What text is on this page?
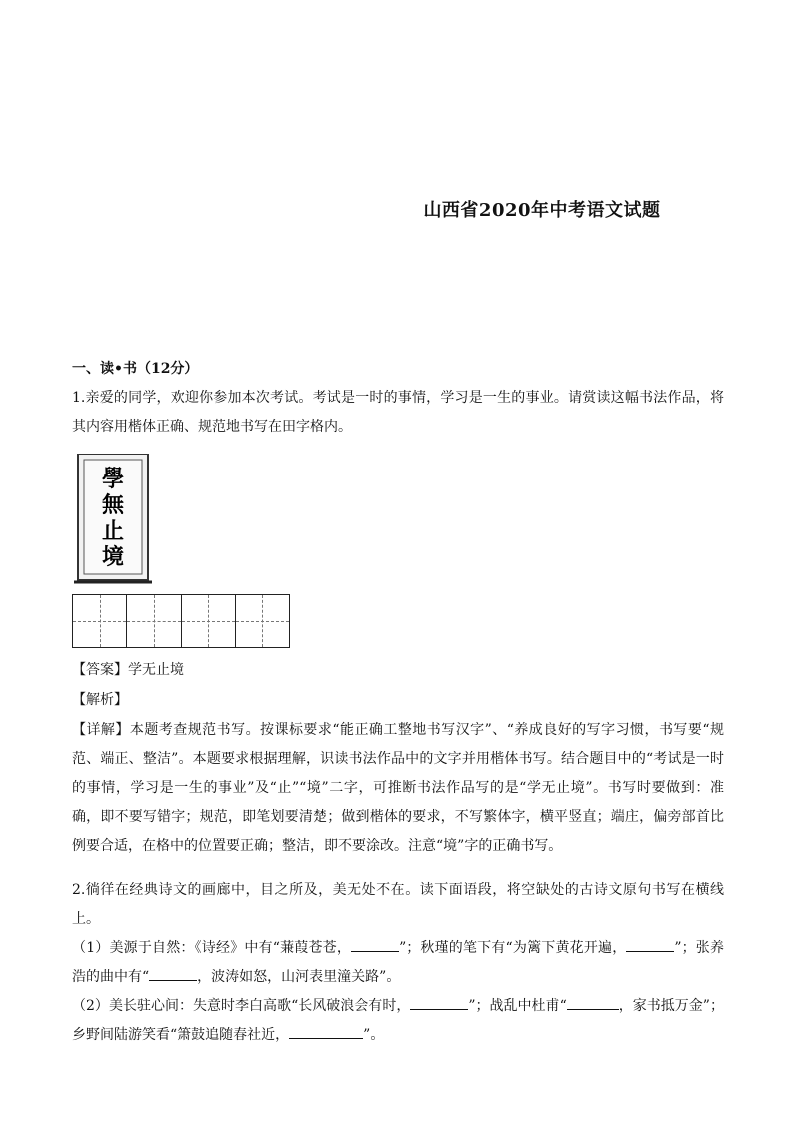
山西省2020年中考语文试题
一、读•书（12分）
1.亲爱的同学，欢迎你参加本次考试。考试是一时的事情，学习是一生的事业。请赏读这幅书法作品，将其内容用楷体正确、规范地书写在田字格内。
學
無
止
境
【答案】学无止境
【解析】
【详解】本题考查规范书写。按课标要求“能正确工整地书写汉字”、“养成良好的写字习惯，书写要“规范、端正、整洁”。本题要求根据理解，识读书法作品中的文字并用楷体书写。结合题目中的“考试是一时的事情，学习是一生的事业”及“止”“境”二字，可推断书法作品写的是“学无止境”。书写时要做到：准确，即不要写错字；规范，即笔划要清楚；做到楷体的要求，不写繁体字，横平竖直；端庄，偏旁部首比例要合适，在格中的位置要正确；整洁，即不要涂改。注意“境”字的正确书写。
2.徜徉在经典诗文的画廊中，目之所及，美无处不在。读下面语段，将空缺处的古诗文原句书写在横线上。
（1）美源于自然：《诗经》中有“蒹葭苍苍，	”；秋瑾的笔下有“为篱下黄花开遍，	”；张养浩的曲中有“	，波涛如怒，山河表里潼关路”。
（2）美长驻心间：失意时李白高歌“长风破浪会有时，	”；战乱中杜甫“	，家书抵万金”；乡野间陆游笑看“箫鼓追随春社近，	”。
